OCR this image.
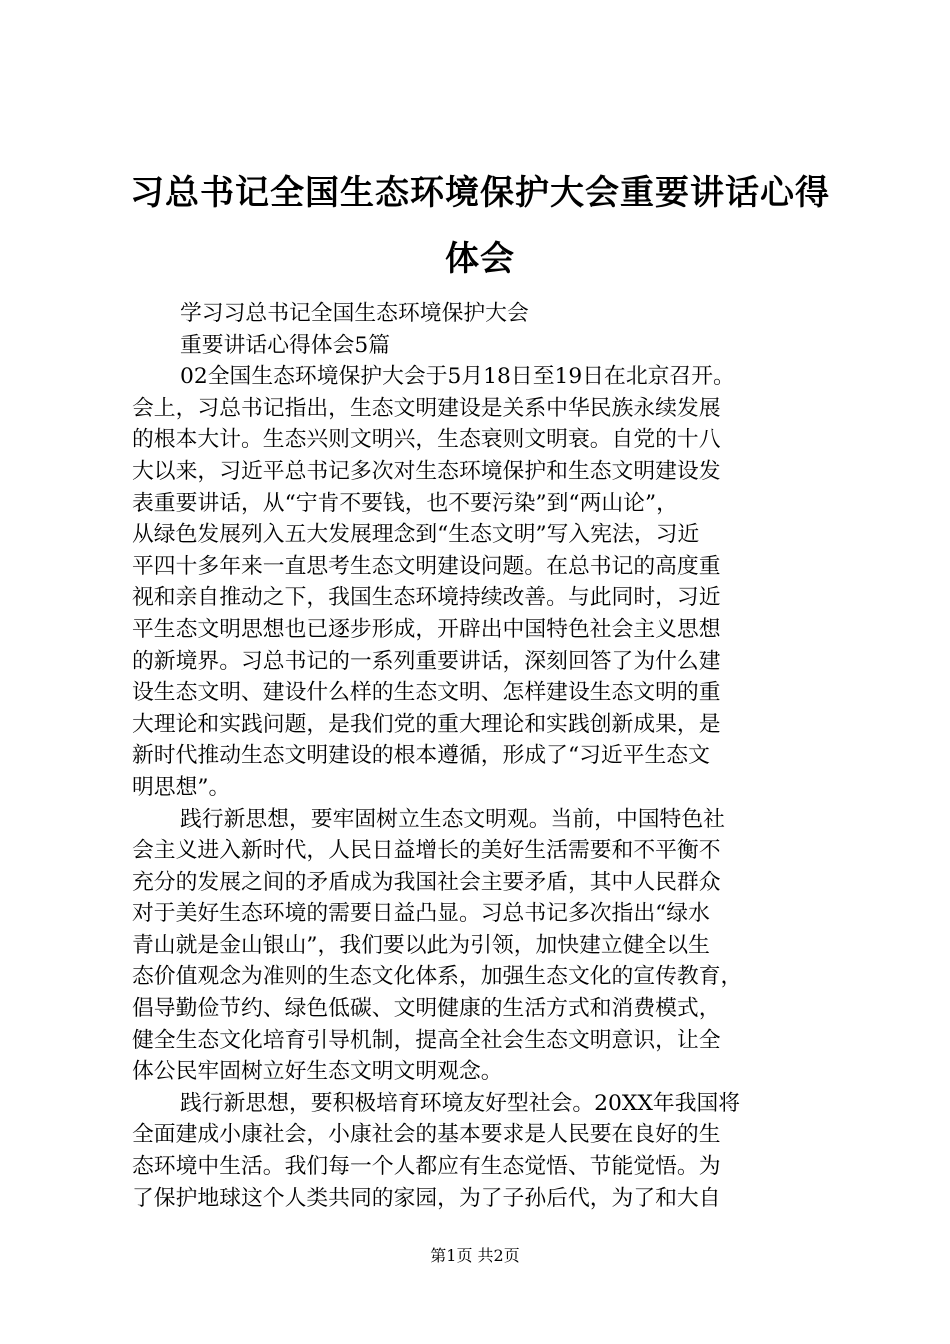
习总书记全国生态环境保护大会重要讲话心得
体会
学习习总书记全国生态环境保护大会
重要讲话心得体会5篇
02全国生态环境保护大会于5月18日至19日在北京召开。
会上，习总书记指出，生态文明建设是关系中华民族永续发展
的根本大计。生态兴则文明兴，生态衰则文明衰。自党的十八
大以来，习近平总书记多次对生态环境保护和生态文明建设发
表重要讲话，从“宁肯不要钱，也不要污染”到“两山论”，
从绿色发展列入五大发展理念到“生态文明”写入宪法，习近
平四十多年来一直思考生态文明建设问题。在总书记的高度重
视和亲自推动之下，我国生态环境持续改善。与此同时，习近
平生态文明思想也已逐步形成，开辟出中国特色社会主义思想
的新境界。习总书记的一系列重要讲话，深刻回答了为什么建
设生态文明、建设什么样的生态文明、怎样建设生态文明的重
大理论和实践问题，是我们党的重大理论和实践创新成果，是
新时代推动生态文明建设的根本遵循，形成了“习近平生态文
明思想”。
践行新思想，要牢固树立生态文明观。当前，中国特色社
会主义进入新时代，人民日益增长的美好生活需要和不平衡不
充分的发展之间的矛盾成为我国社会主要矛盾，其中人民群众
对于美好生态环境的需要日益凸显。习总书记多次指出“绿水
青山就是金山银山”，我们要以此为引领，加快建立健全以生
态价值观念为准则的生态文化体系，加强生态文化的宣传教育，
倡导勤俭节约、绿色低碳、文明健康的生活方式和消费模式，
健全生态文化培育引导机制，提高全社会生态文明意识，让全
体公民牢固树立好生态文明文明观念。
践行新思想，要积极培育环境友好型社会。20XX年我国将
全面建成小康社会，小康社会的基本要求是人民要在良好的生
态环境中生活。我们每一个人都应有生态觉悟、节能觉悟。为
了保护地球这个人类共同的家园，为了子孙后代，为了和大自
第1页 共2页
